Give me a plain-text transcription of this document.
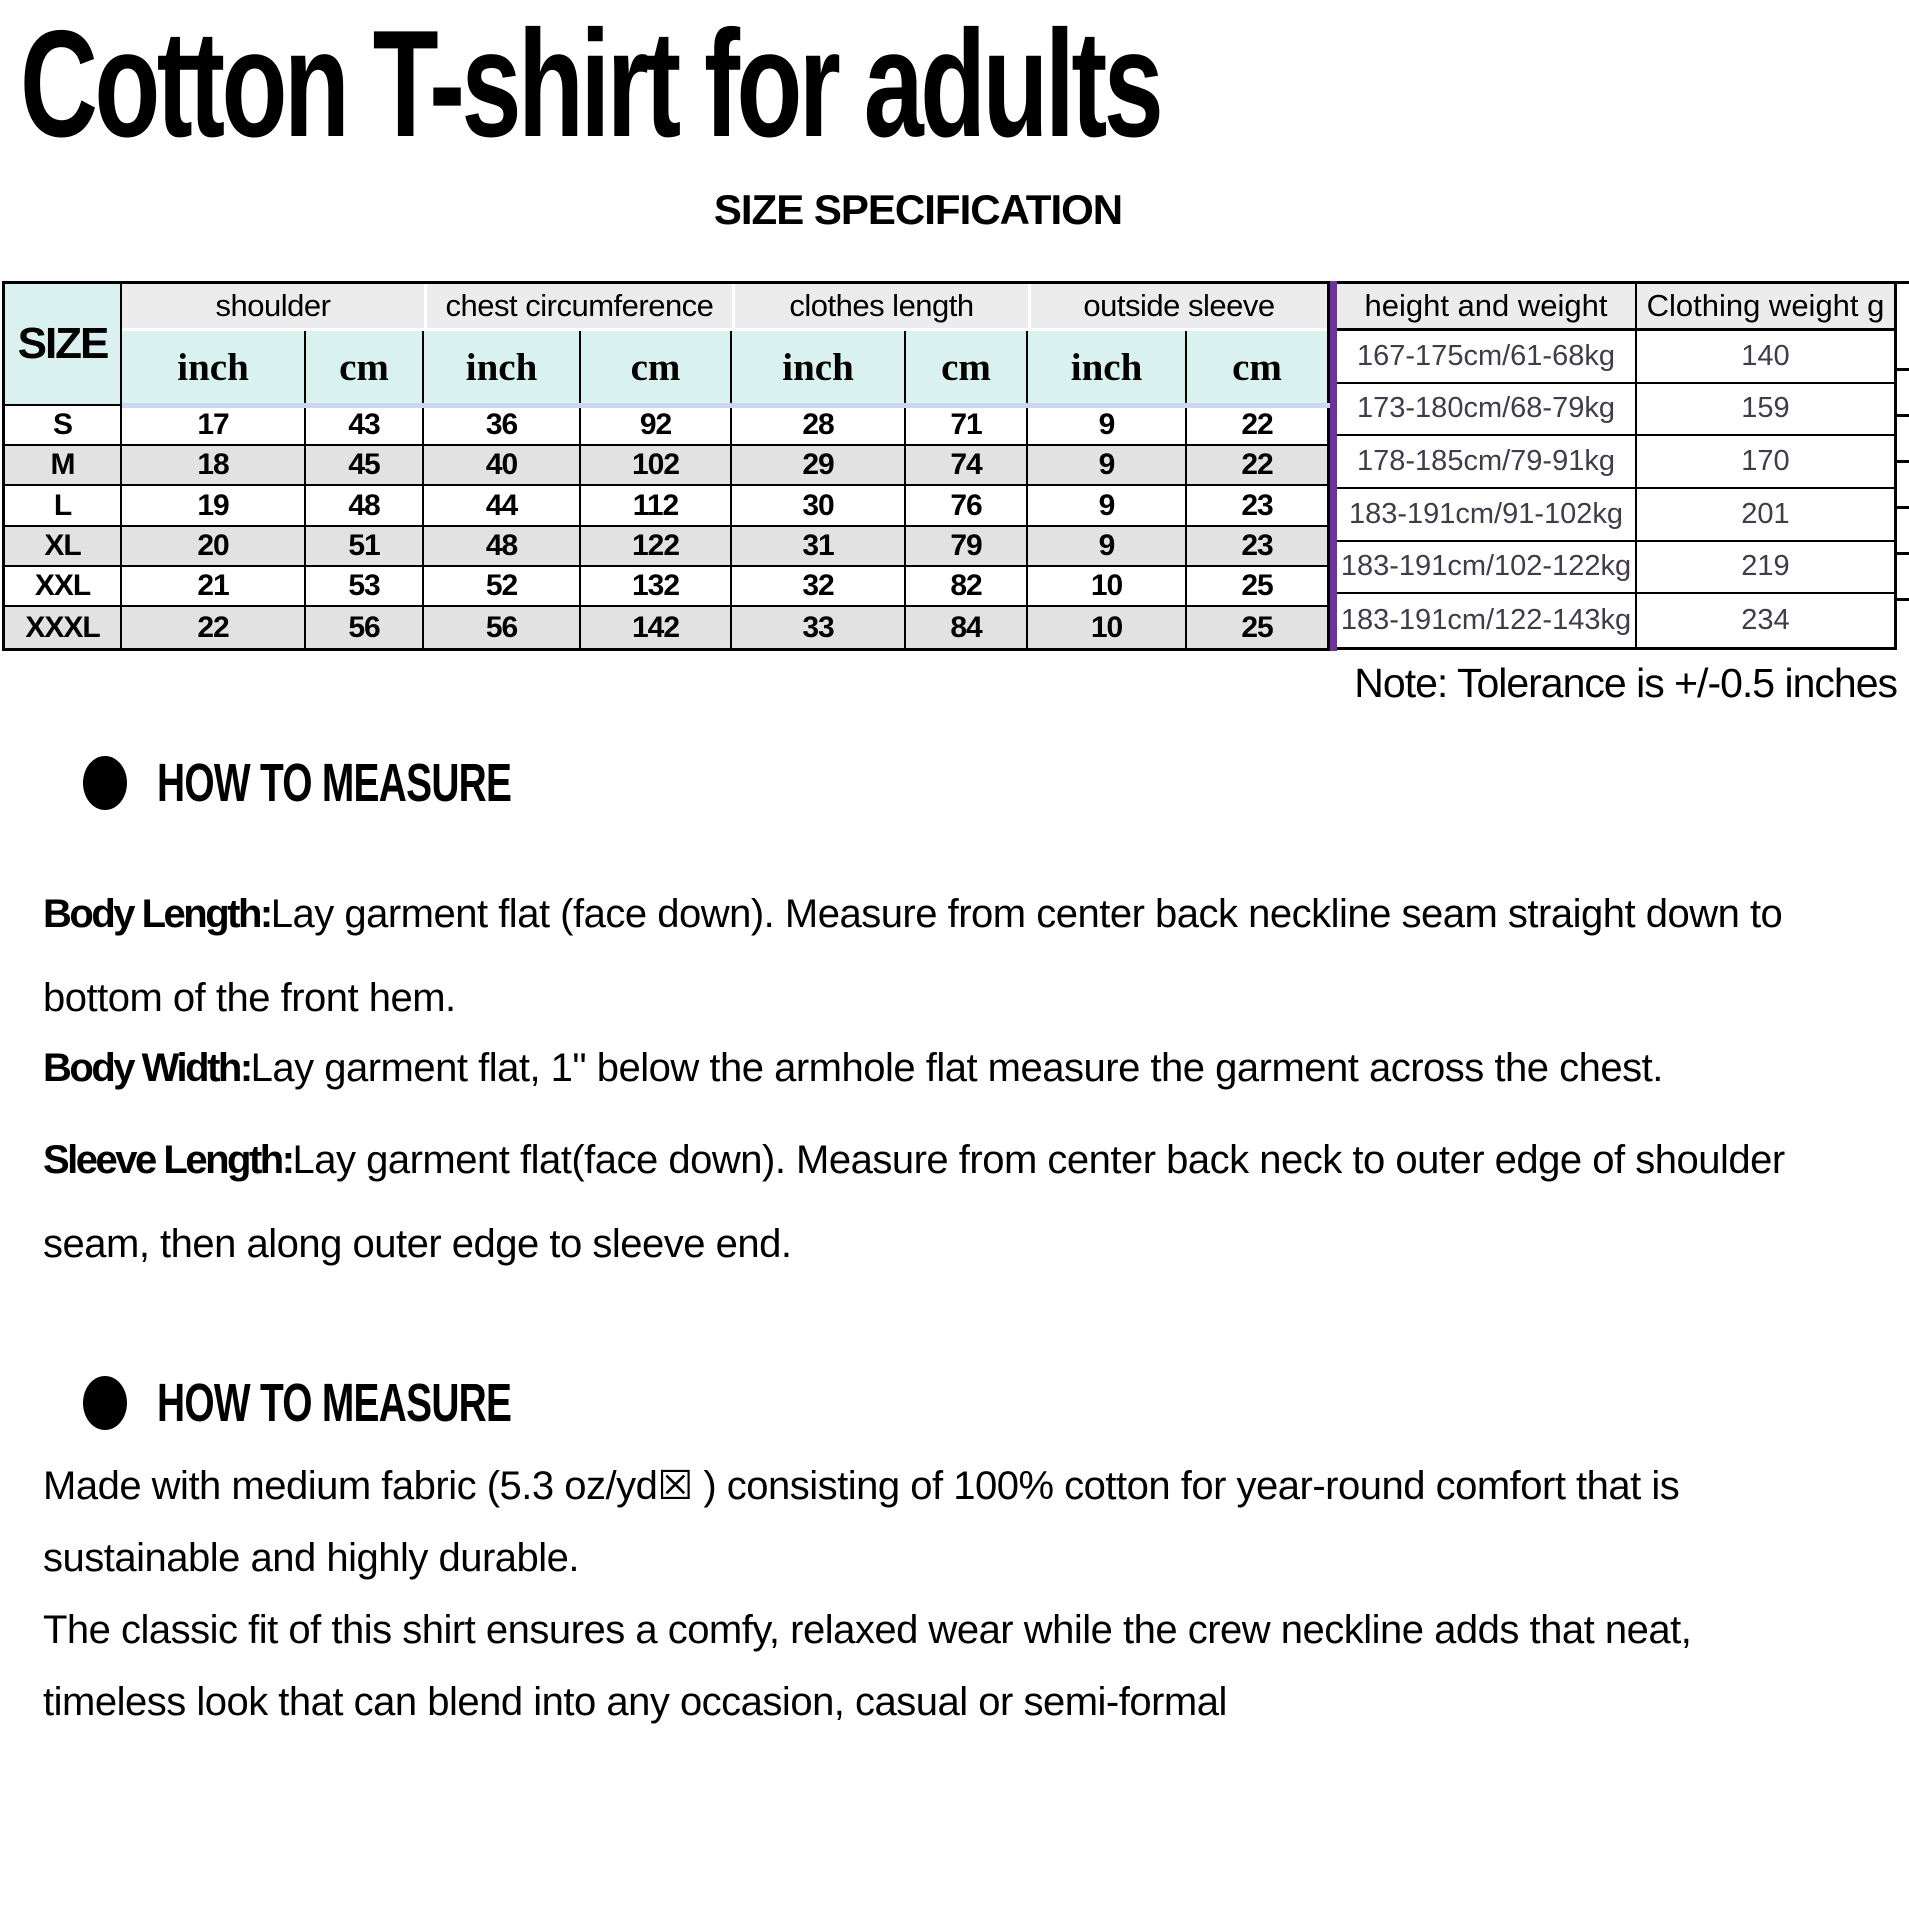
Cotton T-shirt for adults
SIZE SPECIFICATION
SIZE
shoulder	chest circumference	clothes length	outside sleeve
inch	cm	inch	cm	inch	cm	inch	cm
S	17	43	36	92	28	71	9	22
M	18	45	40	102	29	74	9	22
L	19	48	44	112	30	76	9	23
XL	20	51	48	122	31	79	9	23
XXL	21	53	52	132	32	82	10	25
XXXL	22	56	56	142	33	84	10	25
height and weight	Clothing weight g
167-175cm/61-68kg	140
173-180cm/68-79kg	159
178-185cm/79-91kg	170
183-191cm/91-102kg	201
183-191cm/102-122kg	219
183-191cm/122-143kg	234
Note: Tolerance is +/-0.5 inches
HOW TO MEASURE
Body Length:Lay garment flat (face down). Measure from center back neckline seam straight down to
bottom of the front hem.
Body Width:Lay garment flat, 1" below the armhole flat measure the garment across the chest.
Sleeve Length:Lay garment flat(face down). Measure from center back neck to outer edge of shoulder
seam, then along outer edge to sleeve end.
HOW TO MEASURE
Made with medium fabric (5.3 oz/yd☒ ) consisting of 100% cotton for year-round comfort that is
sustainable and highly durable.
The classic fit of this shirt ensures a comfy, relaxed wear while the crew neckline adds that neat,
timeless look that can blend into any occasion, casual or semi-formal
